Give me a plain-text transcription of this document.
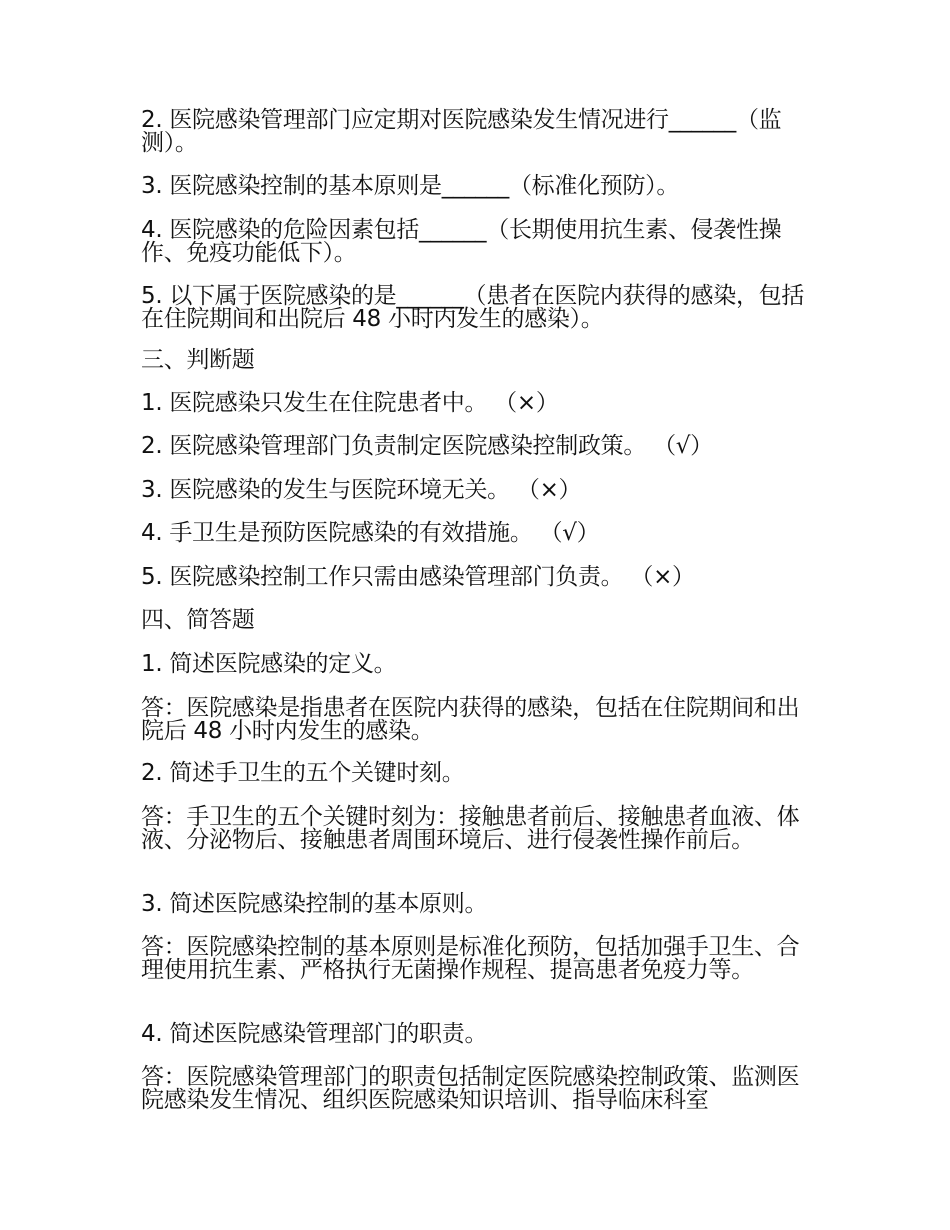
2. 医院感染管理部门应定期对医院感染发生情况进行______（监测）。

3. 医院感染控制的基本原则是______（标准化预防）。

4. 医院感染的危险因素包括______（长期使用抗生素、侵袭性操作、免疫功能低下）。

5. 以下属于医院感染的是______（患者在医院内获得的感染，包括在住院期间和出院后 48 小时内发生的感染）。

三、判断题

1. 医院感染只发生在住院患者中。 （×）

2. 医院感染管理部门负责制定医院感染控制政策。 （√）

3. 医院感染的发生与医院环境无关。 （×）

4. 手卫生是预防医院感染的有效措施。 （√）

5. 医院感染控制工作只需由感染管理部门负责。 （×）

四、简答题

1. 简述医院感染的定义。

答：医院感染是指患者在医院内获得的感染，包括在住院期间和出院后 48 小时内发生的感染。

2. 简述手卫生的五个关键时刻。

答：手卫生的五个关键时刻为：接触患者前后、接触患者血液、体液、分泌物后、接触患者周围环境后、进行侵袭性操作前后。

3. 简述医院感染控制的基本原则。

答：医院感染控制的基本原则是标准化预防，包括加强手卫生、合理使用抗生素、严格执行无菌操作规程、提高患者免疫力等。

4. 简述医院感染管理部门的职责。

答：医院感染管理部门的职责包括制定医院感染控制政策、监测医院感染发生情况、组织医院感染知识培训、指导临床科室
